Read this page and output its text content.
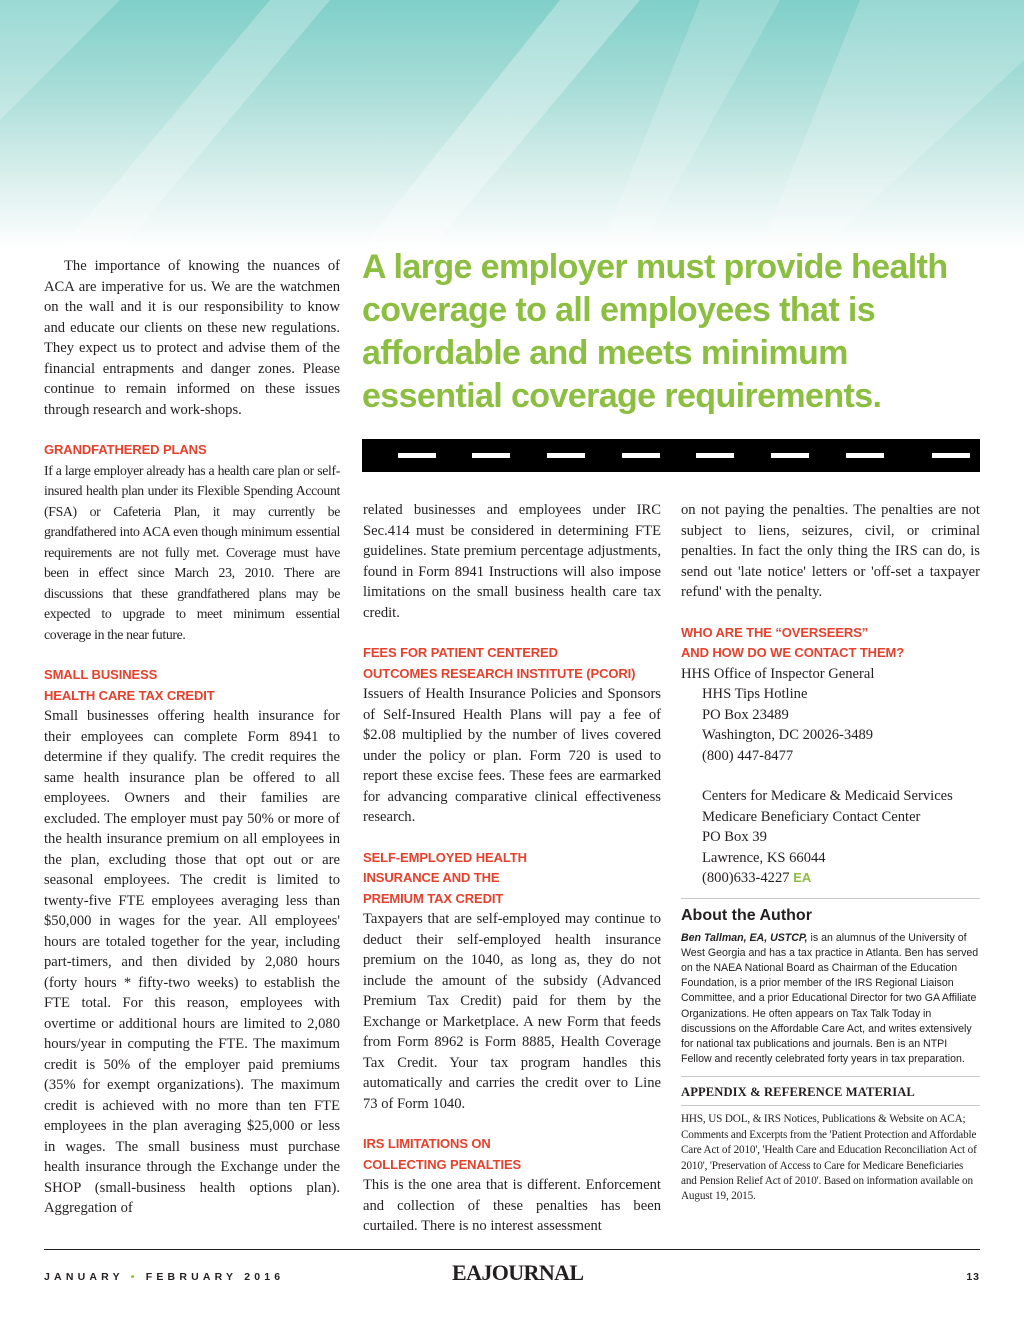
The importance of knowing the nuances of ACA are imperative for us. We are the watchmen on the wall and it is our responsibility to know and educate our clients on these new regulations. They expect us to protect and advise them of the financial entrapments and danger zones. Please continue to remain informed on these issues through research and work-shops.

GRANDFATHERED PLANS

If a large employer already has a health care plan or self-insured health plan under its Flexible Spending Account (FSA) or Cafeteria Plan, it may currently be grandfathered into ACA even though minimum essential requirements are not fully met. Coverage must have been in effect since March 23, 2010. There are discussions that these grandfathered plans may be expected to upgrade to meet minimum essential coverage in the near future.

SMALL BUSINESS

HEALTH CARE TAX CREDIT

Small businesses offering health insurance for their employees can complete Form 8941 to determine if they qualify. The credit requires the same health insurance plan be offered to all employees. Owners and their families are excluded. The employer must pay 50% or more of the health insurance premium on all employees in the plan, excluding those that opt out or are seasonal employees. The credit is limited to twenty-five FTE employees averaging less than $50,000 in wages for the year. All employees' hours are totaled together for the year, including part-timers, and then divided by 2,080 hours (forty hours * fifty-two weeks) to establish the FTE total. For this reason, employees with overtime or additional hours are limited to 2,080 hours/year in computing the FTE. The maximum credit is 50% of the employer paid premiums (35% for exempt organizations). The maximum credit is achieved with no more than ten FTE employees in the plan averaging $25,000 or less in wages. The small business must purchase health insurance through the Exchange under the SHOP (small-business health options plan). Aggregation of

A large employer must provide health coverage to all employees that is affordable and meets minimum essential coverage requirements.

related businesses and employees under IRC Sec.414 must be considered in determining FTE guidelines. State premium percentage adjustments, found in Form 8941 Instructions will also impose limitations on the small business health care tax credit.

FEES FOR PATIENT CENTERED

OUTCOMES RESEARCH INSTITUTE (PCORI)

Issuers of Health Insurance Policies and Sponsors of Self-Insured Health Plans will pay a fee of $2.08 multiplied by the number of lives covered under the policy or plan. Form 720 is used to report these excise fees. These fees are earmarked for advancing comparative clinical effectiveness research.

SELF-EMPLOYED HEALTH

INSURANCE AND THE

PREMIUM TAX CREDIT

Taxpayers that are self-employed may continue to deduct their self-employed health insurance premium on the 1040, as long as, they do not include the amount of the subsidy (Advanced Premium Tax Credit) paid for them by the Exchange or Marketplace. A new Form that feeds from Form 8962 is Form 8885, Health Coverage Tax Credit. Your tax program handles this automatically and carries the credit over to Line 73 of Form 1040.

IRS LIMITATIONS ON

COLLECTING PENALTIES

This is the one area that is different. Enforcement and collection of these penalties has been curtailed. There is no interest assessment

on not paying the penalties. The penalties are not subject to liens, seizures, civil, or criminal penalties. In fact the only thing the IRS can do, is send out 'late notice' letters or 'off-set a taxpayer refund' with the penalty.

WHO ARE THE “OVERSEERS”

AND HOW DO WE CONTACT THEM?

HHS Office of Inspector General
HHS Tips Hotline
PO Box 23489
Washington, DC 20026-3489
(800) 447-8477
Centers for Medicare & Medicaid Services
Medicare Beneficiary Contact Center
PO Box 39
Lawrence, KS 66044
(800)633-4227 EA

About the Author

Ben Tallman, EA, USTCP, is an alumnus of the University of West Georgia and has a tax practice in Atlanta. Ben has served on the NAEA National Board as Chairman of the Education Foundation, is a prior member of the IRS Regional Liaison Committee, and a prior Educational Director for two GA Affiliate Organizations. He often appears on Tax Talk Today in discussions on the Affordable Care Act, and writes extensively for national tax publications and journals. Ben is an NTPI Fellow and recently celebrated forty years in tax preparation.

APPENDIX & REFERENCE MATERIAL

HHS, US DOL, & IRS Notices, Publications & Website on ACA; Comments and Excerpts from the 'Patient Protection and Affordable Care Act of 2010', 'Health Care and Education Reconciliation Act of 2010', 'Preservation of Access to Care for Medicare Beneficiaries and Pension Relief Act of 2010'. Based on information available on August 19, 2015.

JANUARY • FEBRUARY 2016	EAJOURNAL	13
